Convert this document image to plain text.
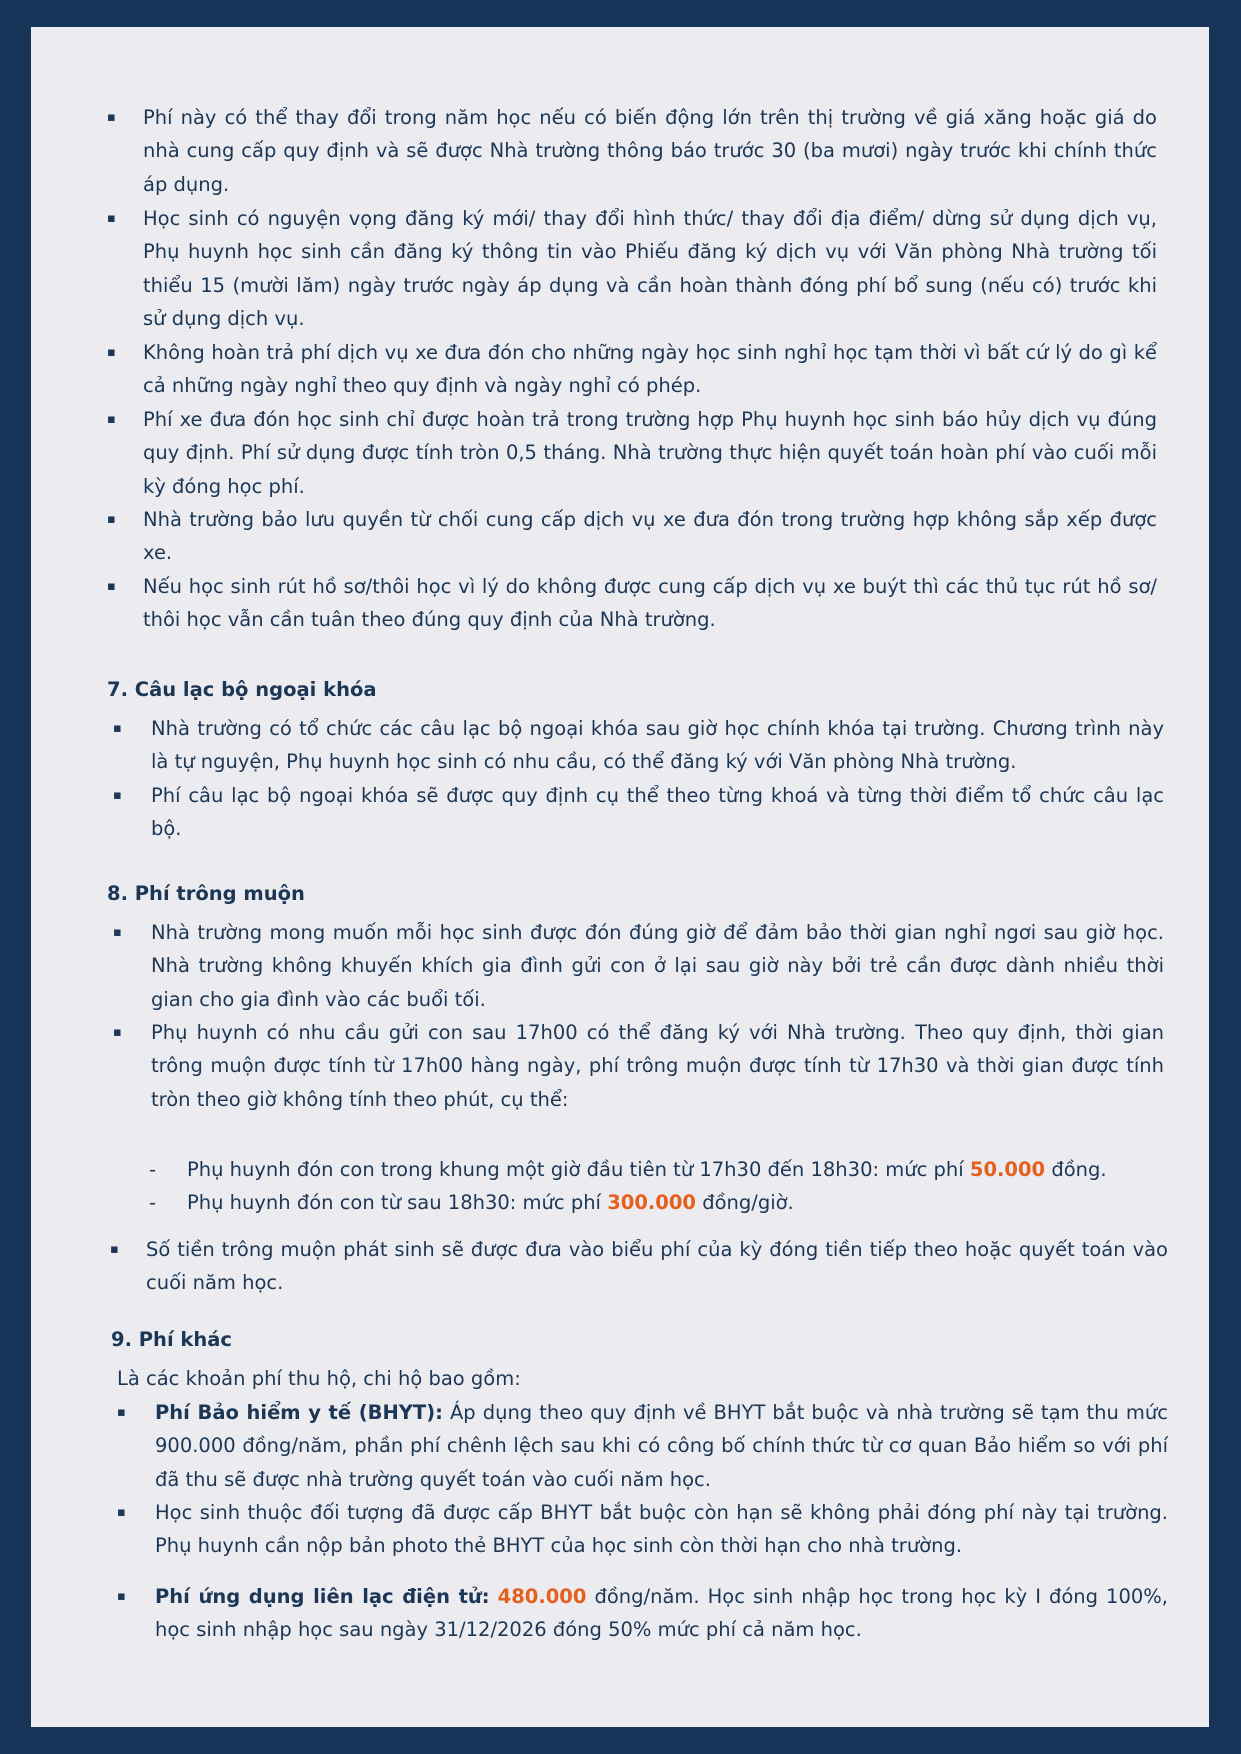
▪ Phí này có thể thay đổi trong năm học nếu có biến động lớn trên thị trường về giá xăng hoặc giá do nhà cung cấp quy định và sẽ được Nhà trường thông báo trước 30 (ba mươi) ngày trước khi chính thức áp dụng.
▪ Học sinh có nguyện vọng đăng ký mới/ thay đổi hình thức/ thay đổi địa điểm/ dừng sử dụng dịch vụ, Phụ huynh học sinh cần đăng ký thông tin vào Phiếu đăng ký dịch vụ với Văn phòng Nhà trường tối thiểu 15 (mười lăm) ngày trước ngày áp dụng và cần hoàn thành đóng phí bổ sung (nếu có) trước khi sử dụng dịch vụ.
▪ Không hoàn trả phí dịch vụ xe đưa đón cho những ngày học sinh nghỉ học tạm thời vì bất cứ lý do gì kể cả những ngày nghỉ theo quy định và ngày nghỉ có phép.
▪ Phí xe đưa đón học sinh chỉ được hoàn trả trong trường hợp Phụ huynh học sinh báo hủy dịch vụ đúng quy định. Phí sử dụng được tính tròn 0,5 tháng. Nhà trường thực hiện quyết toán hoàn phí vào cuối mỗi kỳ đóng học phí.
▪ Nhà trường bảo lưu quyền từ chối cung cấp dịch vụ xe đưa đón trong trường hợp không sắp xếp được xe.
▪ Nếu học sinh rút hồ sơ/thôi học vì lý do không được cung cấp dịch vụ xe buýt thì các thủ tục rút hồ sơ/ thôi học vẫn cần tuân theo đúng quy định của Nhà trường.
7. Câu lạc bộ ngoại khóa
▪ Nhà trường có tổ chức các câu lạc bộ ngoại khóa sau giờ học chính khóa tại trường. Chương trình này là tự nguyện, Phụ huynh học sinh có nhu cầu, có thể đăng ký với Văn phòng Nhà trường.
▪ Phí câu lạc bộ ngoại khóa sẽ được quy định cụ thể theo từng khoá và từng thời điểm tổ chức câu lạc bộ.
8. Phí trông muộn
▪ Nhà trường mong muốn mỗi học sinh được đón đúng giờ để đảm bảo thời gian nghỉ ngơi sau giờ học. Nhà trường không khuyến khích gia đình gửi con ở lại sau giờ này bởi trẻ cần được dành nhiều thời gian cho gia đình vào các buổi tối.
▪ Phụ huynh có nhu cầu gửi con sau 17h00 có thể đăng ký với Nhà trường. Theo quy định, thời gian trông muộn được tính từ 17h00 hàng ngày, phí trông muộn được tính từ 17h30 và thời gian được tính tròn theo giờ không tính theo phút, cụ thể:
- Phụ huynh đón con trong khung một giờ đầu tiên từ 17h30 đến 18h30: mức phí 50.000 đồng.
- Phụ huynh đón con từ sau 18h30: mức phí 300.000 đồng/giờ.
▪ Số tiền trông muộn phát sinh sẽ được đưa vào biểu phí của kỳ đóng tiền tiếp theo hoặc quyết toán vào cuối năm học.
9. Phí khác
Là các khoản phí thu hộ, chi hộ bao gồm:
▪ Phí Bảo hiểm y tế (BHYT): Áp dụng theo quy định về BHYT bắt buộc và nhà trường sẽ tạm thu mức 900.000 đồng/năm, phần phí chênh lệch sau khi có công bố chính thức từ cơ quan Bảo hiểm so với phí đã thu sẽ được nhà trường quyết toán vào cuối năm học.
▪ Học sinh thuộc đối tượng đã được cấp BHYT bắt buộc còn hạn sẽ không phải đóng phí này tại trường. Phụ huynh cần nộp bản photo thẻ BHYT của học sinh còn thời hạn cho nhà trường.
▪ Phí ứng dụng liên lạc điện tử: 480.000 đồng/năm. Học sinh nhập học trong học kỳ I đóng 100%, học sinh nhập học sau ngày 31/12/2026 đóng 50% mức phí cả năm học.
